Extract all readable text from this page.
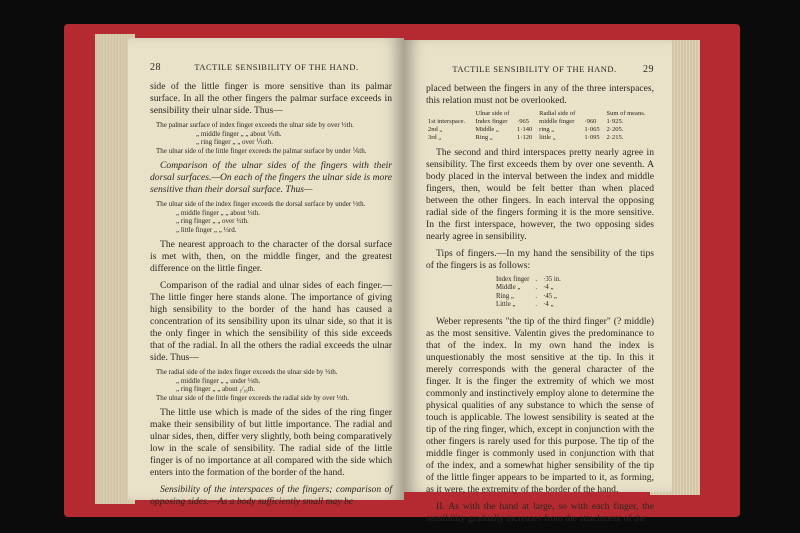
28	TACTILE SENSIBILITY OF THE HAND.

side of the little finger is more sensitive than its palmar surface. In all the other fingers the palmar surface exceeds in sensibility their ulnar side. Thus—

The palmar surface of index finger exceeds the ulnar side by over ⅓th.
„ middle finger „ „ about ⅕th.
„ ring finger „ „ over ⅒th.
The ulnar side of the little finger exceeds the palmar surface by under ⅙th.

Comparison of the ulnar sides of the fingers with their dorsal surfaces.—On each of the fingers the ulnar side is more sensitive than their dorsal surface. Thus—

The ulnar side of the index finger exceeds the dorsal surface by under ⅓th.
„ middle finger „ „ about ⅓th.
„ ring finger „ „ over ½th.
„ little finger „ „ ⅓rd.

The nearest approach to the character of the dorsal surface is met with, then, on the middle finger, and the greatest difference on the little finger.

Comparison of the radial and ulnar sides of each finger.— The little finger here stands alone. The importance of giving high sensibility to the border of the hand has caused a concentration of its sensibility upon its ulnar side, so that it is the only finger in which the sensibility of this side exceeds that of the radial. In all the others the radial exceeds the ulnar side. Thus—

The radial side of the index finger exceeds the ulnar side by ⅓th.
„ middle finger „ „ under ⅓th.
„ ring finger „ „ about ₁⁄₁₆th.
The ulnar side of the little finger exceeds the radial side by over ⅓th.

The little use which is made of the sides of the ring finger make their sensibility of but little importance. The radial and ulnar sides, then, differ very slightly, both being comparatively low in the scale of sensibility. The radial side of the little finger is of no importance at all compared with the side which enters into the formation of the border of the hand.

Sensibility of the interspaces of the fingers; comparison of opposing sides.—As a body sufficiently small may be

TACTILE SENSIBILITY OF THE HAND.	29

placed between the fingers in any of the three interspaces, this relation must not be overlooked.

	Ulnar side of		Radial side of		Sum of means.
1st interspace.	Index finger	·965	middle finger	·960	1·925.
2nd „	Middle „	1·140	ring „	1·065	2·205.
3rd „	Ring „	1·120	little „	1·095	2·215.

The second and third interspaces pretty nearly agree in sensibility. The first exceeds them by over one seventh. A body placed in the interval between the index and middle fingers, then, would be felt better than when placed between the other fingers. In each interval the opposing radial side of the fingers forming it is the more sensitive. In the first interspace, however, the two opposing sides nearly agree in sensibility.

Tips of fingers.—In my hand the sensibility of the tips of the fingers is as follows:

Index finger	.	·35 in.
Middle „	.	·4 „
Ring „	.	·45 „
Little „	.	·4 „

Weber represents "the tip of the third finger" (? middle) as the most sensitive. Valentin gives the predominance to that of the index. In my own hand the index is unquestionably the most sensitive at the tip. In this it merely corresponds with the general character of the finger. It is the finger the extremity of which we most commonly and instinctively employ alone to determine the physical qualities of any substance to which the sense of touch is applicable. The lowest sensibility is seated at the tip of the ring finger, which, except in conjunction with the other fingers is rarely used for this purpose. The tip of the middle finger is commonly used in conjunction with that of the index, and a somewhat higher sensibility of the tip of the little finger appears to be imparted to it, as forming, as it were, the extremity of the border of the hand.

II. As with the hand at large, so with each finger, the sensibility gradually increases from the attachment of the
